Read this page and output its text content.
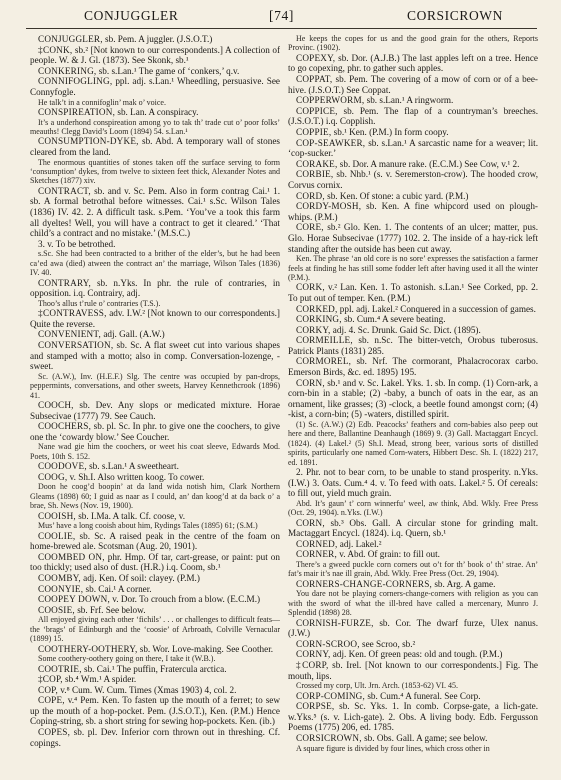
CONJUGGLER	[74]	CORSICROWN

CONJUGGLER, sb. Pem. A juggler. (J.S.O.T.)

‡CONK, sb.² [Not known to our correspondents.] A collection of people. W. & J. Gl. (1873). See Skonk, sb.¹

CONKERING, sb. s.Lan.¹ The game of ‘conkers,’ q.v.

CONNIFOGLING, ppl. adj. s.Lan.¹ Wheedling, persuasive. See Connyfogle.

He talk’t in a connifoglin’ mak o’ voice.

CONSPIREATION, sb. Lan. A conspiracy.

It’s a underhond conspireation among yo to tak th’ trade cut o’ poor folks’ meauths! Clegg David’s Loom (1894) 54. s.Lan.¹

CONSUMPTION-DYKE, sb. Abd. A temporary wall of stones cleared from the land.

The enormous quantities of stones taken off the surface serving to form ‘consumption’ dykes, from twelve to sixteen feet thick, Alexander Notes and Sketches (1877) xiv.

CONTRACT, sb. and v. Sc. Pem. Also in form contrag Cai.¹ 1. sb. A formal betrothal before witnesses. Cai.¹ s.Sc. Wilson Tales (1836) IV. 42. 2. A difficult task. s.Pem. ‘You’ve a took this farm all dyeltes! Well, you will have a contract to get it cleared.’ ‘That child’s a contract and no mistake.’ (M.S.C.)

3. v. To be betrothed.

s.Sc. She had been contracted to a brither of the elder’s, but he had been ca’ed awa (died) atween the contract an’ the marriage, Wilson Tales (1836) IV. 40.

CONTRARY, sb. n.Yks. In phr. the rule of contraries, in opposition. i.q. Contrairy, adj.

Thoo’s allus t’rule o’ contraries (T.S.).

‡CONTRAVESS, adv. I.W.² [Not known to our correspondents.] Quite the reverse.

CONVENIENT, adj. Gall. (A.W.)

CONVERSATION, sb. Sc. A flat sweet cut into various shapes and stamped with a motto; also in comp. Conversation-lozenge, -sweet.

Sc. (A.W.), Inv. (H.E.F.) Slg. The centre was occupied by pan-drops, peppermints, conversations, and other sweets, Harvey Kennethcrook (1896) 41.

COOCH, sb. Dev. Any slops or medicated mixture. Horae Subsecivae (1777) 79. See Cauch.

COOCHERS, sb. pl. Sc. In phr. to give one the coochers, to give one the ‘cowardy blow.’ See Coucher.

Nane wad gie him the coochers, or weet his coat sleeve, Edwards Mod. Poets, 10th S. 152.

COODOVE, sb. s.Lan.¹ A sweetheart.

COOG, v. Sh.I. Also written koog. To cower.

Doon he coog’d boopin’ at da land wida notish him, Clark Northern Gleams (1898) 60; I guid as naar as I could, an’ dan koog’d at da back o’ a brae, Sh. News (Nov. 19, 1900).

COOISH, sb. I.Ma. A talk. Cf. coose, v.

Mus’ have a long cooish about him, Rydings Tales (1895) 61; (S.M.)

COOLIE, sb. Sc. A raised peak in the centre of the foam on home-brewed ale. Scotsman (Aug. 20, 1901).

COOMBED ON, phr. Hmp. Of tar, cart-grease, or paint: put on too thickly; used also of dust. (H.R.) i.q. Coom, sb.¹

COOMBY, adj. Ken. Of soil: clayey. (P.M.)

COONYIE, sb. Cai.¹ A corner.

COOPEY DOWN, v. Dor. To crouch from a blow. (E.C.M.)

COOSIE, sb. Frf. See below.

All enjoyed giving each other ‘fichils’ . . . or challenges to difficult feats—the ‘brags’ of Edinburgh and the ‘coosie’ of Arbroath, Colville Vernacular (1899) 15.

COOTHERY-OOTHERY, sb. Wor. Love-making. See Coother.

Some coothery-oothery going on there, I take it (W.B.).

COOTRIE, sb. Cai.¹ The puffin, Fratercula arctica.

‡COP, sb.⁴ Wm.¹ A spider.

COP, v.⁸ Cum. W. Cum. Times (Xmas 1903) 4, col. 2.

COPE, v.⁴ Pem. Ken. To fasten up the mouth of a ferret; to sew up the mouth of a hop-pocket. Pem. (J.S.O.T.), Ken. (P.M.) Hence Coping-string, sb. a short string for sewing hop-pockets. Ken. (ib.)

COPES, sb. pl. Dev. Inferior corn thrown out in threshing. Cf. copings.

He keeps the copes for us and the good grain for the others, Reports Provinc. (1902).

COPEXY, sb. Dor. (A.J.B.) The last apples left on a tree. Hence to go copexing, phr. to gather such apples.

COPPAT, sb. Pem. The covering of a mow of corn or of a bee-hive. (J.S.O.T.) See Coppat.

COPPERWORM, sb. s.Lan.¹ A ringworm.

COPPICE, sb. Pem. The flap of a countryman’s breeches. (J.S.O.T.) i.q. Copplish.

COPPIE, sb.¹ Ken. (P.M.) In form coopy.

COP-SEAWKER, sb. s.Lan.¹ A sarcastic name for a weaver; lit. ‘cop-sucker.’

CORAKE, sb. Dor. A manure rake. (E.C.M.) See Cow, v.¹ 2.

CORBIE, sb. Nhb.¹ (s. v. Seremerston-crow). The hooded crow, Corvus cornix.

CORD, sb. Ken. Of stone: a cubic yard. (P.M.)

CORDY-MOSH, sb. Ken. A fine whipcord used on plough-whips. (P.M.)

CORE, sb.² Glo. Ken. 1. The contents of an ulcer; matter, pus. Glo. Horae Subsecivae (1777) 102. 2. The inside of a hay-rick left standing after the outside has been cut away.

Ken. The phrase ‘an old core is no sore’ expresses the satisfaction a farmer feels at finding he has still some fodder left after having used it all the winter (P.M.).

CORK, v.² Lan. Ken. 1. To astonish. s.Lan.¹ See Corked, pp. 2. To put out of temper. Ken. (P.M.)

CORKED, ppl. adj. Lakel.² Conquered in a succession of games.

CORKING, sb. Cum.⁴ A severe beating.

CORKY, adj. 4. Sc. Drunk. Gaid Sc. Dict. (1895).

CORMEILLE, sb. n.Sc. The bitter-vetch, Orobus tuberosus. Patrick Plants (1831) 285.

CORMOREL, sb. Nrf. The cormorant, Phalacrocorax carbo. Emerson Birds, &c. ed. 1895) 195.

CORN, sb.¹ and v. Sc. Lakel. Yks. 1. sb. In comp. (1) Corn-ark, a corn-bin in a stable; (2) -baby, a bunch of oats in the ear, as an ornament, like grasses; (3) -clock, a beetle found amongst corn; (4) -kist, a corn-bin; (5) -waters, distilled spirit.

(1) Sc. (A.W.) (2) Edb. Peacocks’ feathers and corn-babies also peep out here and there, Ballantine Deanhaugh (1869) 9. (3) Gall. Mactaggart Encycl. (1824). (4) Lakel.² (5) Sh.I. Mead, strong beer, various sorts of distilled spirits, particularly one named Corn-waters, Hibbert Desc. Sh. I. (1822) 217, ed. 1891.

2. Phr. not to bear corn, to be unable to stand prosperity. n.Yks. (I.W.) 3. Oats. Cum.⁴ 4. v. To feed with oats. Lakel.² 5. Of cereals: to fill out, yield much grain.

Abd. It’s gaun’ t’ corn winnerfu’ weel, aw think, Abd. Wkly. Free Press (Oct. 29, 1904). n.Yks. (I.W.)

CORN, sb.³ Obs. Gall. A circular stone for grinding malt. Mactaggart Encycl. (1824). i.q. Quern, sb.¹

CORNED, adj. Lakel.²

CORNER, v. Abd. Of grain: to fill out.

There’s a gweed puckle corn corners out o’t for th’ book o’ th’ strae. An’ fat’s mair it’s nae ill grain, Abd. Wkly. Free Press (Oct. 29, 1904).

CORNERS-CHANGE-CORNERS, sb. Arg. A game.

You dare not be playing corners-change-corners with religion as you can with the sword of what the ill-bred have called a mercenary, Munro J. Splendid (1898) 28.

CORNISH-FURZE, sb. Cor. The dwarf furze, Ulex nanus. (J.W.)

CORN-SCROO, see Scroo, sb.²

CORNY, adj. Ken. Of green peas: old and tough. (P.M.)

‡CORP, sb. Irel. [Not known to our correspondents.] Fig. The mouth, lips.

Crossed my corp, Ult. Jrn. Arch. (1853-62) VI. 45.

CORP-COMING, sb. Cum.⁴ A funeral. See Corp.

CORPSE, sb. Sc. Yks. 1. In comb. Corpse-gate, a lich-gate. w.Yks.⁵ (s. v. Lich-gate). 2. Obs. A living body. Edb. Fergusson Poems (1775) 206, ed. 1785.

CORSICROWN, sb. Obs. Gall. A game; see below.

A square figure is divided by four lines, which cross other in
